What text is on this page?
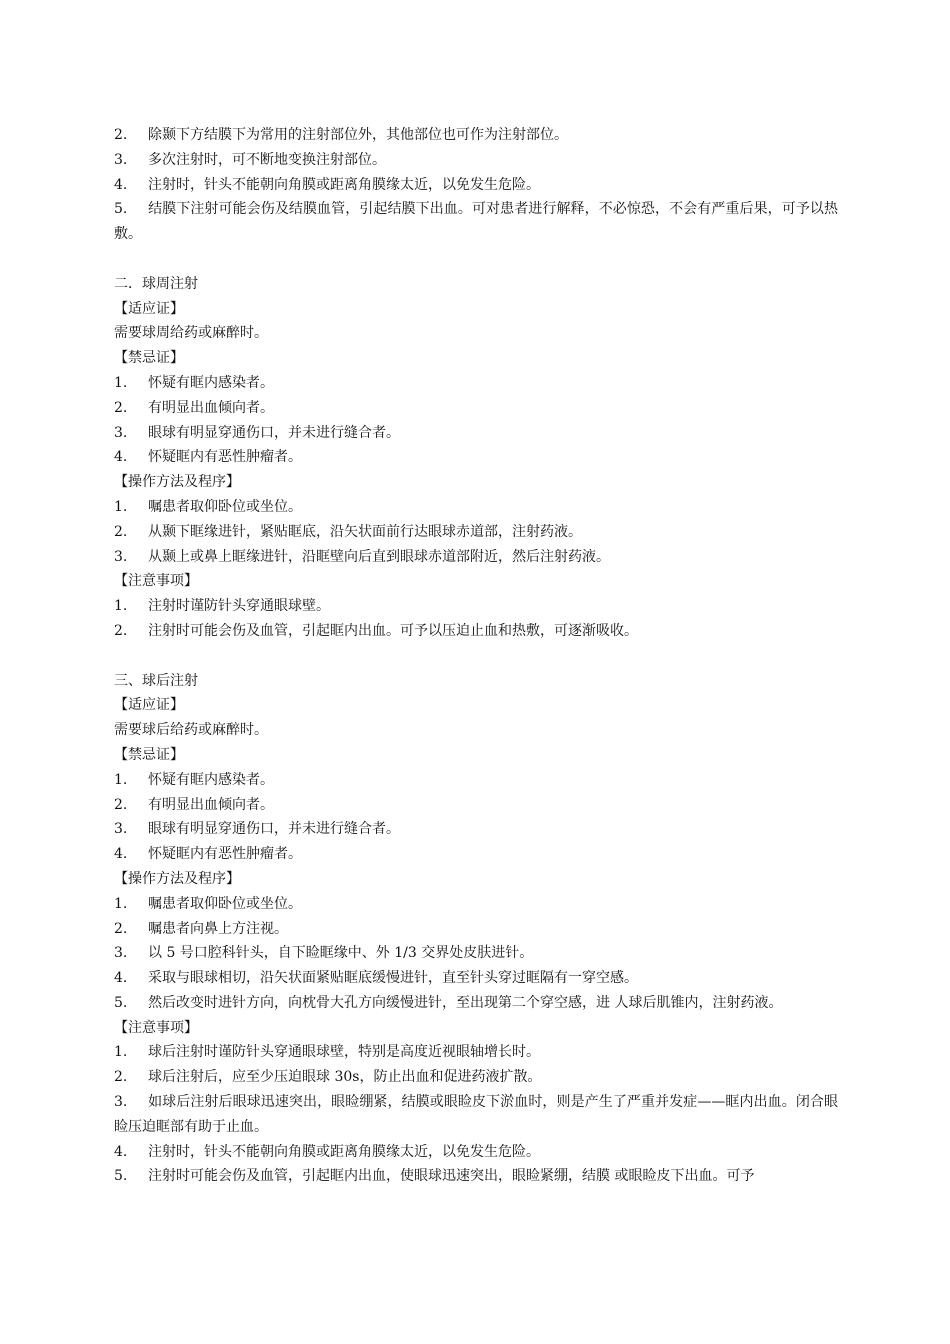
2.	除颞下方结膜下为常用的注射部位外，其他部位也可作为注射部位。
3.	多次注射时，可不断地变换注射部位。
4.	注射时，针头不能朝向角膜或距离角膜缘太近，以免发生危险。
5. 结膜下注射可能会伤及结膜血管，引起结膜下出血。可对患者进行解释，不必惊恐，不会有严重后果，可予以热敷。
二．球周注射
【适应证】
需要球周给药或麻醉时。
【禁忌证】
1.	怀疑有眶内感染者。
2.	有明显出血倾向者。
3.	眼球有明显穿通伤口，并未进行缝合者。
4.	怀疑眶内有恶性肿瘤者。
【操作方法及程序】
1.	嘱患者取仰卧位或坐位。
2.	从颞下眶缘进针，紧贴眶底，沿矢状面前行达眼球赤道部，注射药液。
3.	从颞上或鼻上眶缘进针，沿眶壁向后直到眼球赤道部附近，然后注射药液。
【注意事项】
1.	注射时谨防针头穿通眼球壁。
2.	注射时可能会伤及血管，引起眶内出血。可予以压迫止血和热敷，可逐渐吸收。
三、球后注射
【适应证】
需要球后给药或麻醉时。
【禁忌证】
1.	怀疑有眶内感染者。
2.	有明显出血倾向者。
3.	眼球有明显穿通伤口，并未进行缝合者。
4.	怀疑眶内有恶性肿瘤者。
【操作方法及程序】
1.	嘱患者取仰卧位或坐位。
2.	嘱患者向鼻上方注视。
3.	以 5 号口腔科针头，自下睑眶缘中、外 1/3 交界处皮肤进针。
4.	采取与眼球相切，沿矢状面紧贴眶底缓慢进针，直至针头穿过眶隔有一穿空感。
5. 然后改变时进针方向，向枕骨大孔方向缓慢进针，至出现第二个穿空感，进 人球后肌锥内，注射药液。
【注意事项】
1.	球后注射时谨防针头穿通眼球壁，特别是高度近视眼轴增长时。
2.	球后注射后，应至少压迫眼球 30s，防止出血和促进药液扩散。
3. 如球后注射后眼球迅速突出，眼睑绷紧，结膜或眼睑皮下淤血时，则是产生了严重并发症——眶内出血。闭合眼睑压迫眶部有助于止血。
4.	注射时，针头不能朝向角膜或距离角膜缘太近，以免发生危险。
5.	注射时可能会伤及血管，引起眶内出血，使眼球迅速突出，眼睑紧绷，结膜 或眼睑皮下出血。可予
